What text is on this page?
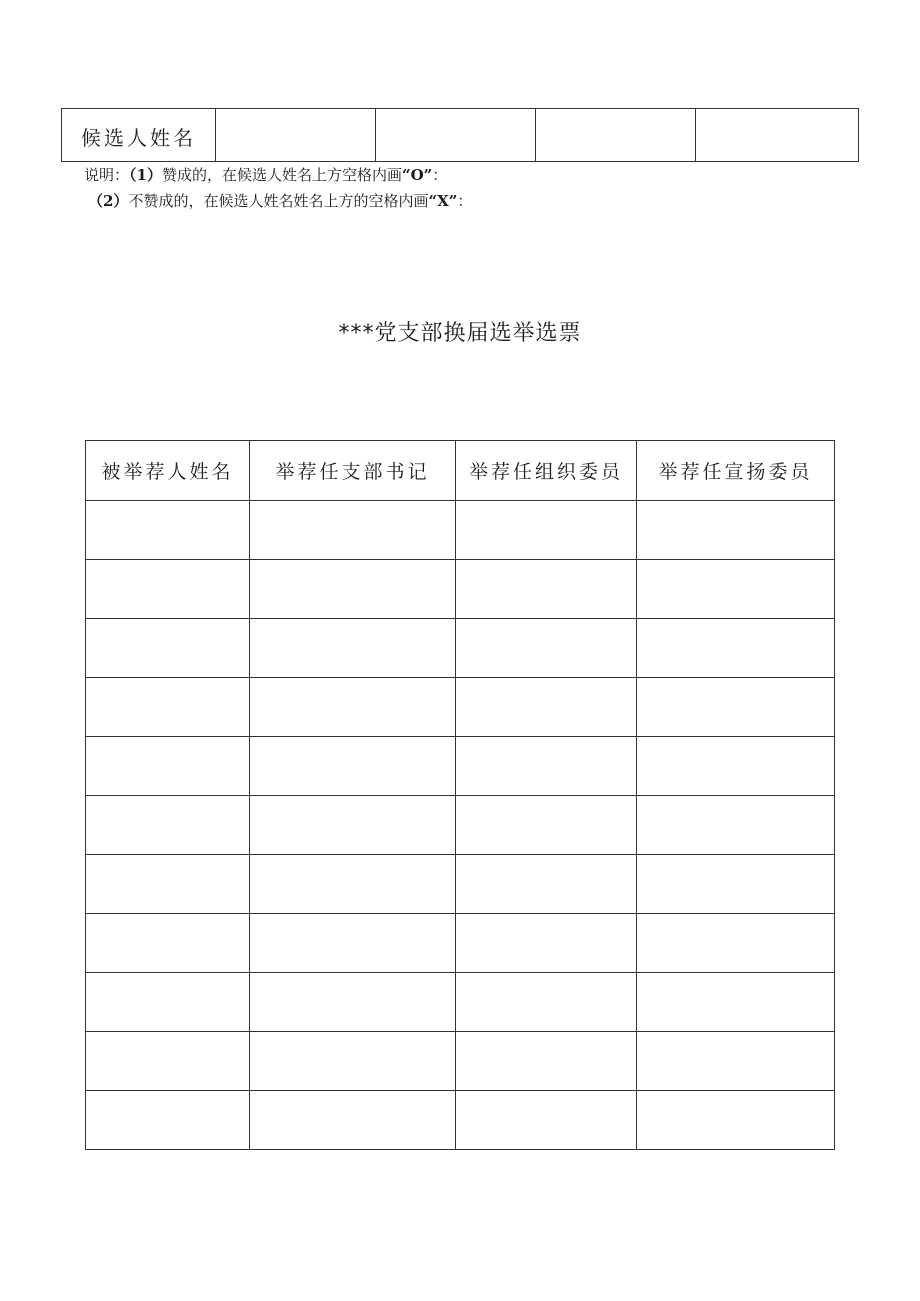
候选人姓名				
说明：（1）赞成的，在候选人姓名上方空格内画“O”：
（2）不赞成的，在候选人姓名姓名上方的空格内画“X”：
***党支部换届选举选票
被举荐人姓名	举荐任支部书记	举荐任组织委员	举荐任宣扬委员
